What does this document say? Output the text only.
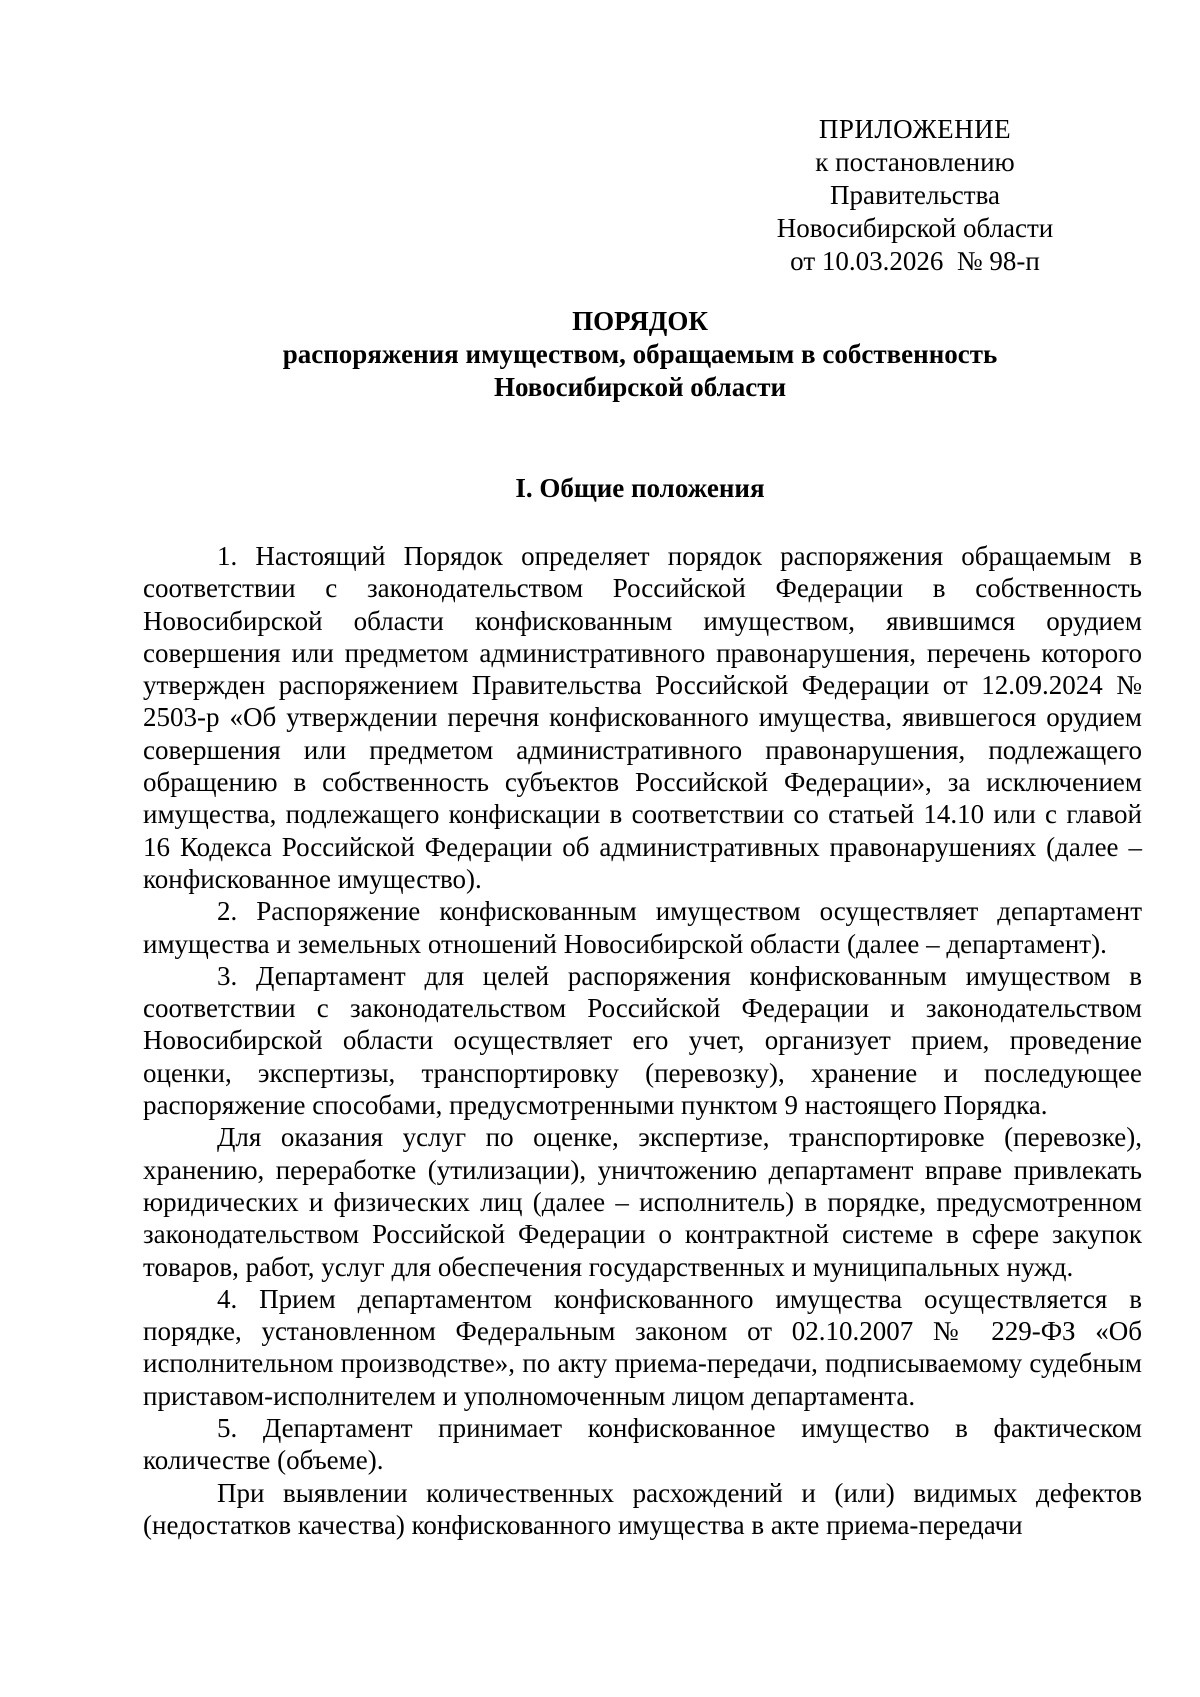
ПРИЛОЖЕНИЕ
к постановлению Правительства
Новосибирской области
от 10.03.2026  № 98-п
ПОРЯДОК
распоряжения имуществом, обращаемым в собственность
Новосибирской области
I. Общие положения

1. Настоящий Порядок определяет порядок распоряжения обращаемым в соответствии с законодательством Российской Федерации в собственность Новосибирской области конфискованным имуществом, явившимся орудием совершения или предметом административного правонарушения, перечень которого утвержден распоряжением Правительства Российской Федерации от 12.09.2024 № 2503-р «Об утверждении перечня конфискованного имущества, явившегося орудием совершения или предметом административного правонарушения, подлежащего обращению в собственность субъектов Российской Федерации», за исключением имущества, подлежащего конфискации в соответствии со статьей 14.10 или с главой 16 Кодекса Российской Федерации об административных правонарушениях (далее – конфискованное имущество).

2. Распоряжение конфискованным имуществом осуществляет департамент имущества и земельных отношений Новосибирской области (далее – департамент).

3. Департамент для целей распоряжения конфискованным имуществом в соответствии с законодательством Российской Федерации и законодательством Новосибирской области осуществляет его учет, организует прием, проведение оценки, экспертизы, транспортировку (перевозку), хранение и последующее распоряжение способами, предусмотренными пунктом 9 настоящего Порядка.

Для оказания услуг по оценке, экспертизе, транспортировке (перевозке), хранению, переработке (утилизации), уничтожению департамент вправе привлекать юридических и физических лиц (далее – исполнитель) в порядке, предусмотренном законодательством Российской Федерации о контрактной системе в сфере закупок товаров, работ, услуг для обеспечения государственных и муниципальных нужд.

4. Прием департаментом конфискованного имущества осуществляется в порядке, установленном Федеральным законом от 02.10.2007 № 229-ФЗ «Об исполнительном производстве», по акту приема-передачи, подписываемому судебным приставом-исполнителем и уполномоченным лицом департамента.

5. Департамент принимает конфискованное имущество в фактическом количестве (объеме).

При выявлении количественных расхождений и (или) видимых дефектов (недостатков качества) конфискованного имущества в акте приема-передачи
